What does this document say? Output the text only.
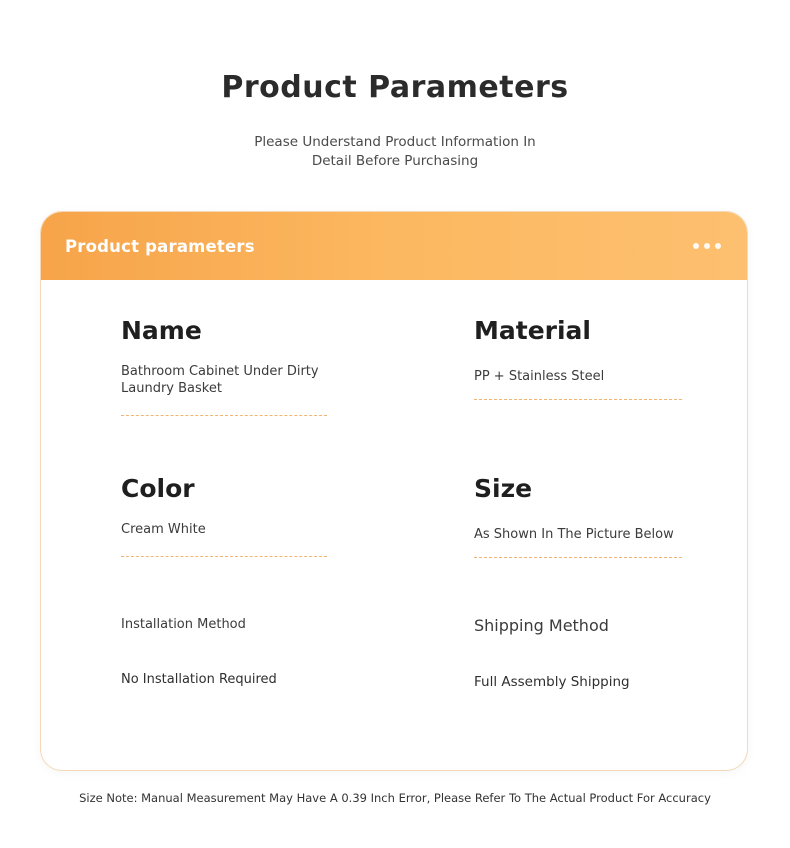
Product Parameters
Please Understand Product Information In Detail Before Purchasing
Product parameters
Name
Bathroom Cabinet Under Dirty Laundry Basket
Material
PP + Stainless Steel
Color
Cream White
Size
As Shown In The Picture Below
Installation Method
No Installation Required
Shipping Method
Full Assembly Shipping
Size Note: Manual Measurement May Have A 0.39 Inch Error, Please Refer To The Actual Product For Accuracy
